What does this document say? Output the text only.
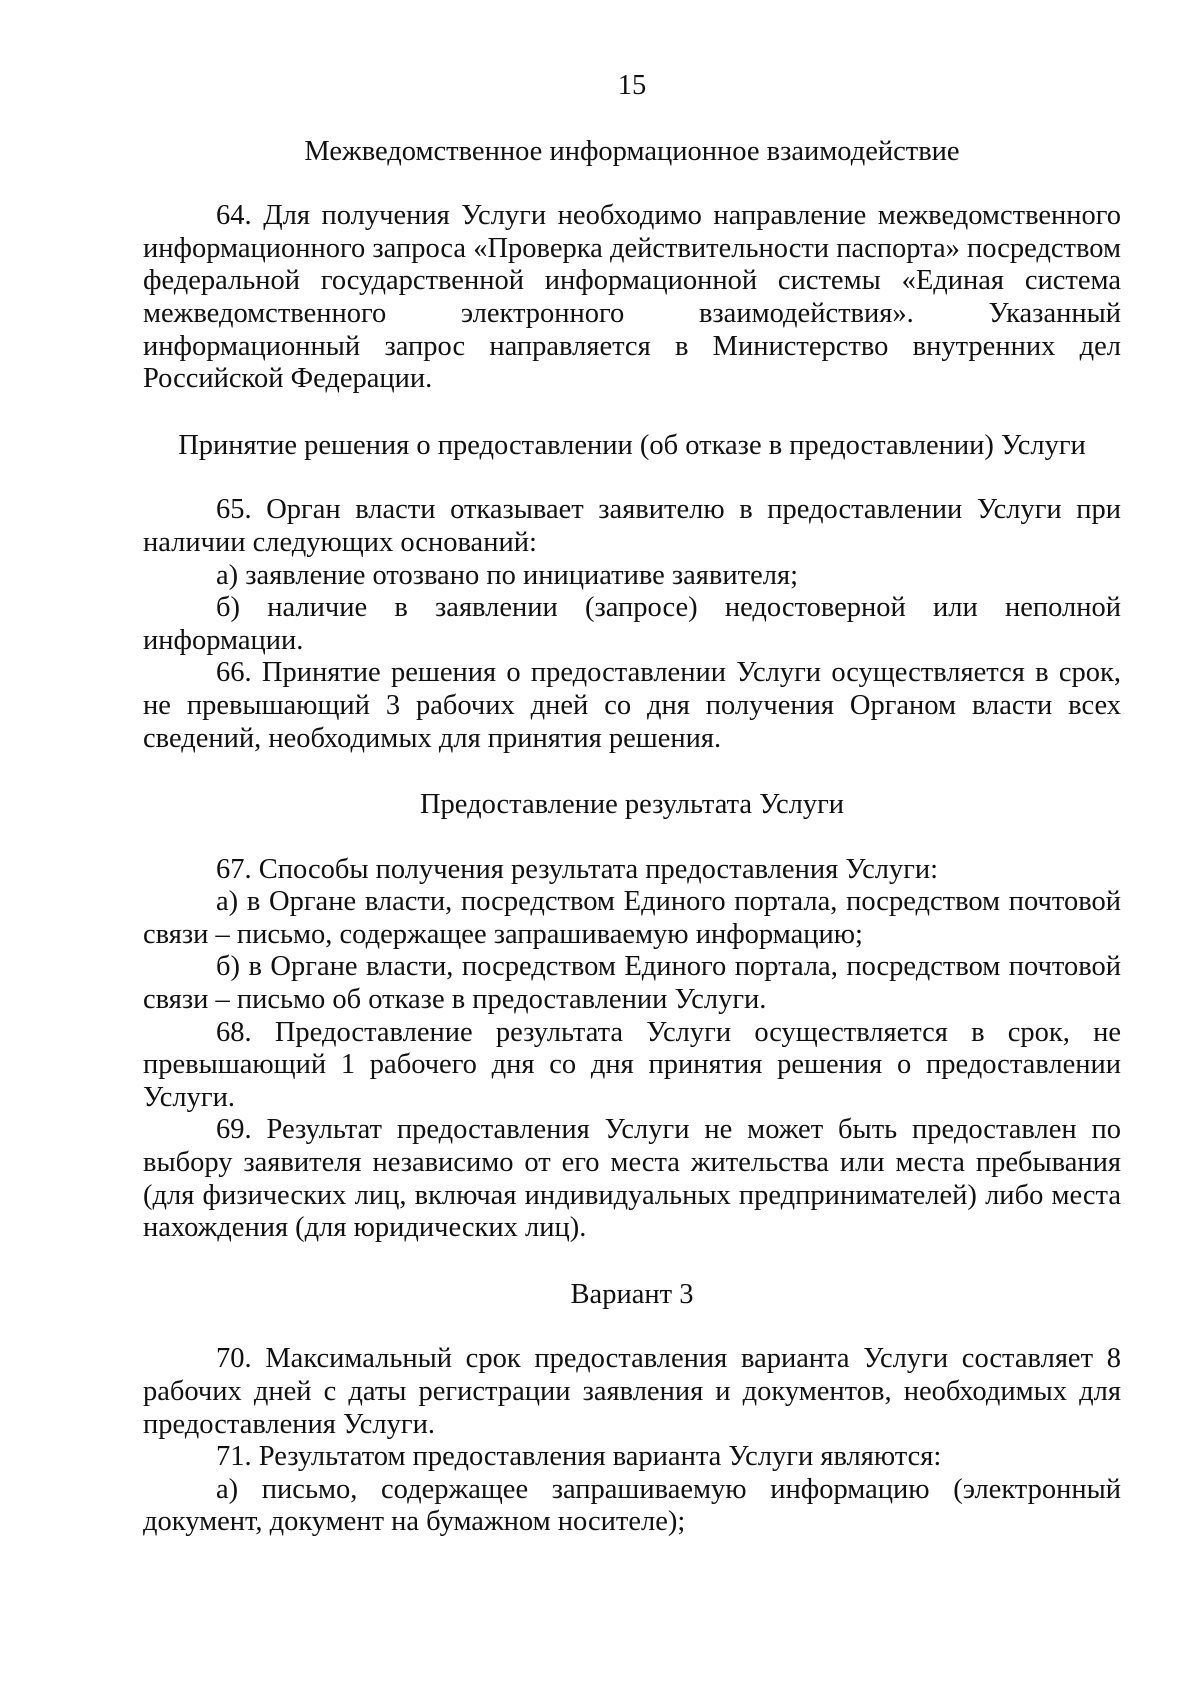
15
Межведомственное информационное взаимодействие

64. Для получения Услуги необходимо направление межведомственного информационного запроса «Проверка действительности паспорта» посредством федеральной государственной информационной системы «Единая система межведомственного электронного взаимодействия». Указанный информационный запрос направляется в Министерство внутренних дел Российской Федерации.

Принятие решения о предоставлении (об отказе в предоставлении) Услуги

65. Орган власти отказывает заявителю в предоставлении Услуги при наличии следующих оснований:

а) заявление отозвано по инициативе заявителя;

б) наличие в заявлении (запросе) недостоверной или неполной информации.

66. Принятие решения о предоставлении Услуги осуществляется в срок, не превышающий 3 рабочих дней со дня получения Органом власти всех сведений, необходимых для принятия решения.

Предоставление результата Услуги

67. Способы получения результата предоставления Услуги:

а) в Органе власти, посредством Единого портала, посредством почтовой связи – письмо, содержащее запрашиваемую информацию;

б) в Органе власти, посредством Единого портала, посредством почтовой связи – письмо об отказе в предоставлении Услуги.

68. Предоставление результата Услуги осуществляется в срок, не превышающий 1 рабочего дня со дня принятия решения о предоставлении Услуги.

69. Результат предоставления Услуги не может быть предоставлен по выбору заявителя независимо от его места жительства или места пребывания (для физических лиц, включая индивидуальных предпринимателей) либо места нахождения (для юридических лиц).

Вариант 3

70. Максимальный срок предоставления варианта Услуги составляет 8 рабочих дней с даты регистрации заявления и документов, необходимых для предоставления Услуги.

71. Результатом предоставления варианта Услуги являются:

а) письмо, содержащее запрашиваемую информацию (электронный документ, документ на бумажном носителе);
